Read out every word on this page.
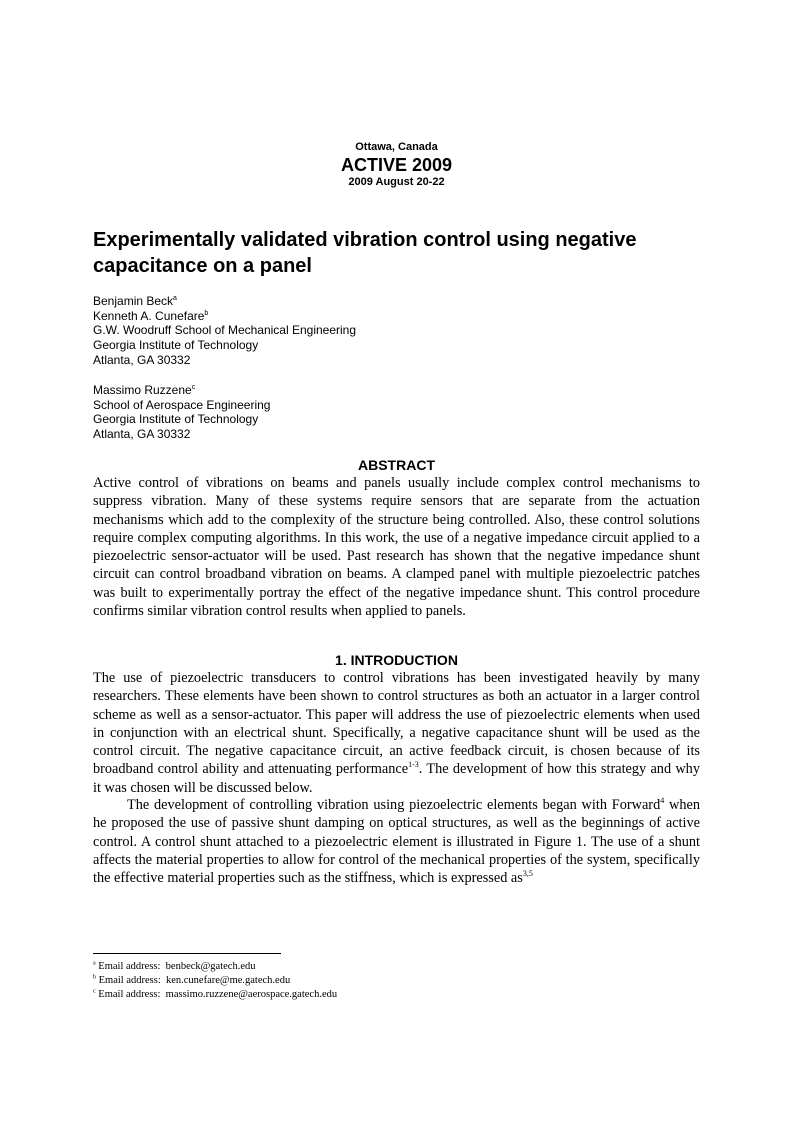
Ottawa, Canada
ACTIVE 2009
2009 August 20-22
Experimentally validated vibration control using negative capacitance on a panel
Benjamin Beck$^a$
Kenneth A. Cunefare$^b$
G.W. Woodruff School of Mechanical Engineering
Georgia Institute of Technology
Atlanta, GA 30332
Massimo Ruzzene$^c$
School of Aerospace Engineering
Georgia Institute of Technology
Atlanta, GA 30332
ABSTRACT

Active control of vibrations on beams and panels usually include complex control mechanisms to suppress vibration. Many of these systems require sensors that are separate from the actuation mechanisms which add to the complexity of the structure being controlled. Also, these control solutions require complex computing algorithms. In this work, the use of a negative impedance circuit applied to a piezoelectric sensor-actuator will be used. Past research has shown that the negative impedance shunt circuit can control broadband vibration on beams. A clamped panel with multiple piezoelectric patches was built to experimentally portray the effect of the negative impedance shunt. This control procedure confirms similar vibration control results when applied to panels.

1. INTRODUCTION

The use of piezoelectric transducers to control vibrations has been investigated heavily by many researchers. These elements have been shown to control structures as both an actuator in a larger control scheme as well as a sensor-actuator. This paper will address the use of piezoelectric elements when used in conjunction with an electrical shunt. Specifically, a negative capacitance shunt will be used as the control circuit. The negative capacitance circuit, an active feedback circuit, is chosen because of its broadband control ability and attenuating performance$^{1-3}$. The development of how this strategy and why it was chosen will be discussed below.

The development of controlling vibration using piezoelectric elements began with Forward$^4$ when he proposed the use of passive shunt damping on optical structures, as well as the beginnings of active control. A control shunt attached to a piezoelectric element is illustrated in Figure 1. The use of a shunt affects the material properties to allow for control of the mechanical properties of the system, specifically the effective material properties such as the stiffness, which is expressed as$^{3,5}$

$^a$ Email address: benbeck@gatech.edu
$^b$ Email address: ken.cunefare@me.gatech.edu
$^c$ Email address: massimo.ruzzene@aerospace.gatech.edu
